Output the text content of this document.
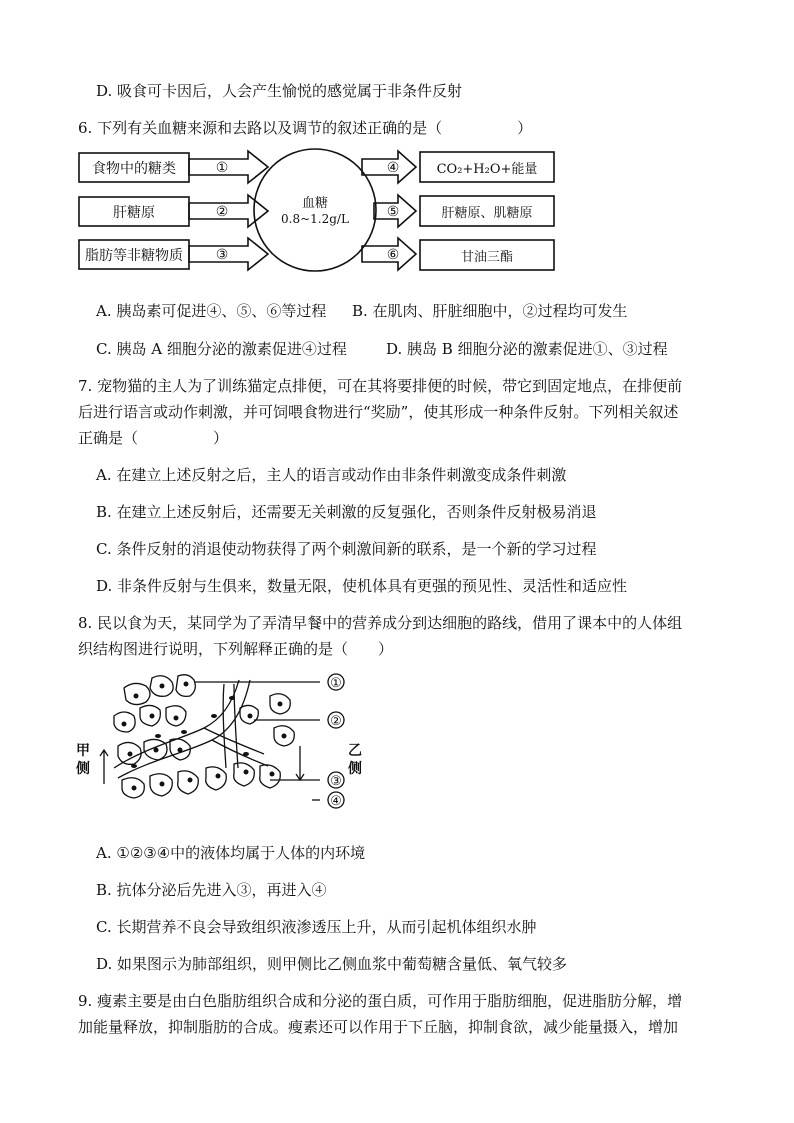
D. 吸食可卡因后，人会产生愉悦的感觉属于非条件反射
6. 下列有关血糖来源和去路以及调节的叙述正确的是（　　　　　）
食物中的糖类
肝糖原
脂肪等非糖物质
①
②
③
血糖
0.8~1.2g/L
④
⑤
⑥
CO₂+H₂O+能量
肝糖原、肌糖原
甘油三酯
A. 胰岛素可促进④、⑤、⑥等过程 B. 在肌肉、肝脏细胞中，②过程均可发生
C. 胰岛 A 细胞分泌的激素促进④过程	D. 胰岛 B 细胞分泌的激素促进①、③过程
7. 宠物猫的主人为了训练猫定点排便，可在其将要排便的时候，带它到固定地点，在排便前
后进行语言或动作刺激，并可饲喂食物进行“奖励”，使其形成一种条件反射。下列相关叙述
正确是（　　　　　）
A. 在建立上述反射之后，主人的语言或动作由非条件刺激变成条件刺激
B. 在建立上述反射后，还需要无关刺激的反复强化，否则条件反射极易消退
C. 条件反射的消退使动物获得了两个刺激间新的联系，是一个新的学习过程
D. 非条件反射与生俱来，数量无限，使机体具有更强的预见性、灵活性和适应性
8. 民以食为天，某同学为了弄清早餐中的营养成分到达细胞的路线，借用了课本中的人体组
织结构图进行说明，下列解释正确的是（　　）
①
②
③
④
甲侧
乙侧
A. ①②③④中的液体均属于人体的内环境
B. 抗体分泌后先进入③，再进入④
C. 长期营养不良会导致组织液渗透压上升，从而引起机体组织水肿
D. 如果图示为肺部组织，则甲侧比乙侧血浆中葡萄糖含量低、氧气较多
9. 瘦素主要是由白色脂肪组织合成和分泌的蛋白质，可作用于脂肪细胞，促进脂肪分解，增
加能量释放，抑制脂肪的合成。瘦素还可以作用于下丘脑，抑制食欲，减少能量摄入，增加
